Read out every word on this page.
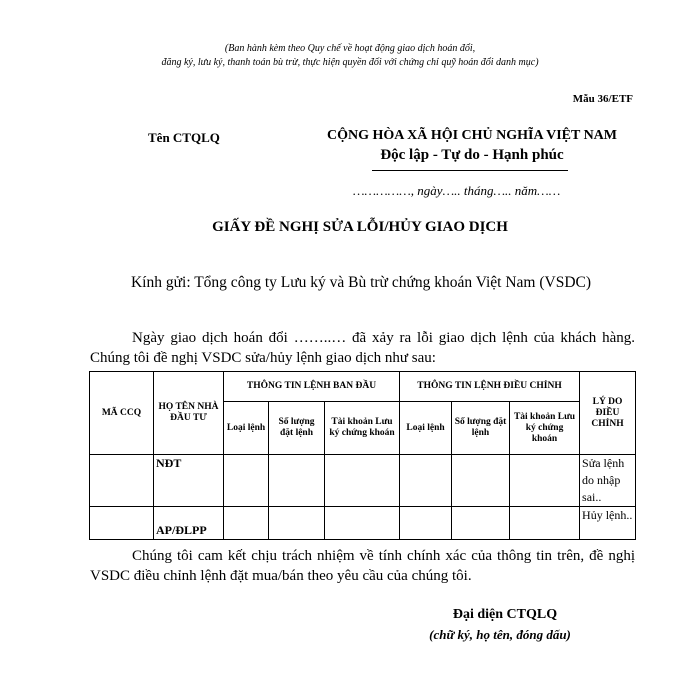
(Ban hành kèm theo Quy chế về hoạt động giao dịch hoán đổi,
đăng ký, lưu ký, thanh toán bù trừ, thực hiện quyền đối với chứng chỉ quỹ hoán đổi danh mục)
Mẫu 36/ETF
Tên CTQLQ	CỘNG HÒA XÃ HỘI CHỦ NGHĨA VIỆT NAM
Độc lập - Tự do - Hạnh phúc
……………, ngày….. tháng….. năm……
GIẤY ĐỀ NGHỊ SỬA LỖI/HỦY GIAO DỊCH
Kính gửi: Tổng công ty Lưu ký và Bù trừ chứng khoán Việt Nam (VSDC)
Ngày giao dịch hoán đổi ……..… đã xảy ra lỗi giao dịch lệnh của khách hàng. Chúng tôi đề nghị VSDC sửa/hủy lệnh giao dịch như sau:
MÃ CCQ	HỌ TÊN NHÀ ĐẦU TƯ	THÔNG TIN LỆNH BAN ĐẦU			THÔNG TIN LỆNH ĐIỀU CHỈNH			LÝ DO ĐIỀU CHỈNH
		Loại lệnh	Số lượng đặt lệnh	Tài khoản Lưu ký chứng khoán	Loại lệnh	Số lượng đặt lệnh	Tài khoản Lưu ký chứng khoán	
	NĐT							Sửa lệnh do nhập sai..
	AP/ĐLPP							Hủy lệnh..
Chúng tôi cam kết chịu trách nhiệm về tính chính xác của thông tin trên, đề nghị VSDC điều chỉnh lệnh đặt mua/bán theo yêu cầu của chúng tôi.
Đại diện CTQLQ
(chữ ký, họ tên, đóng dấu)
